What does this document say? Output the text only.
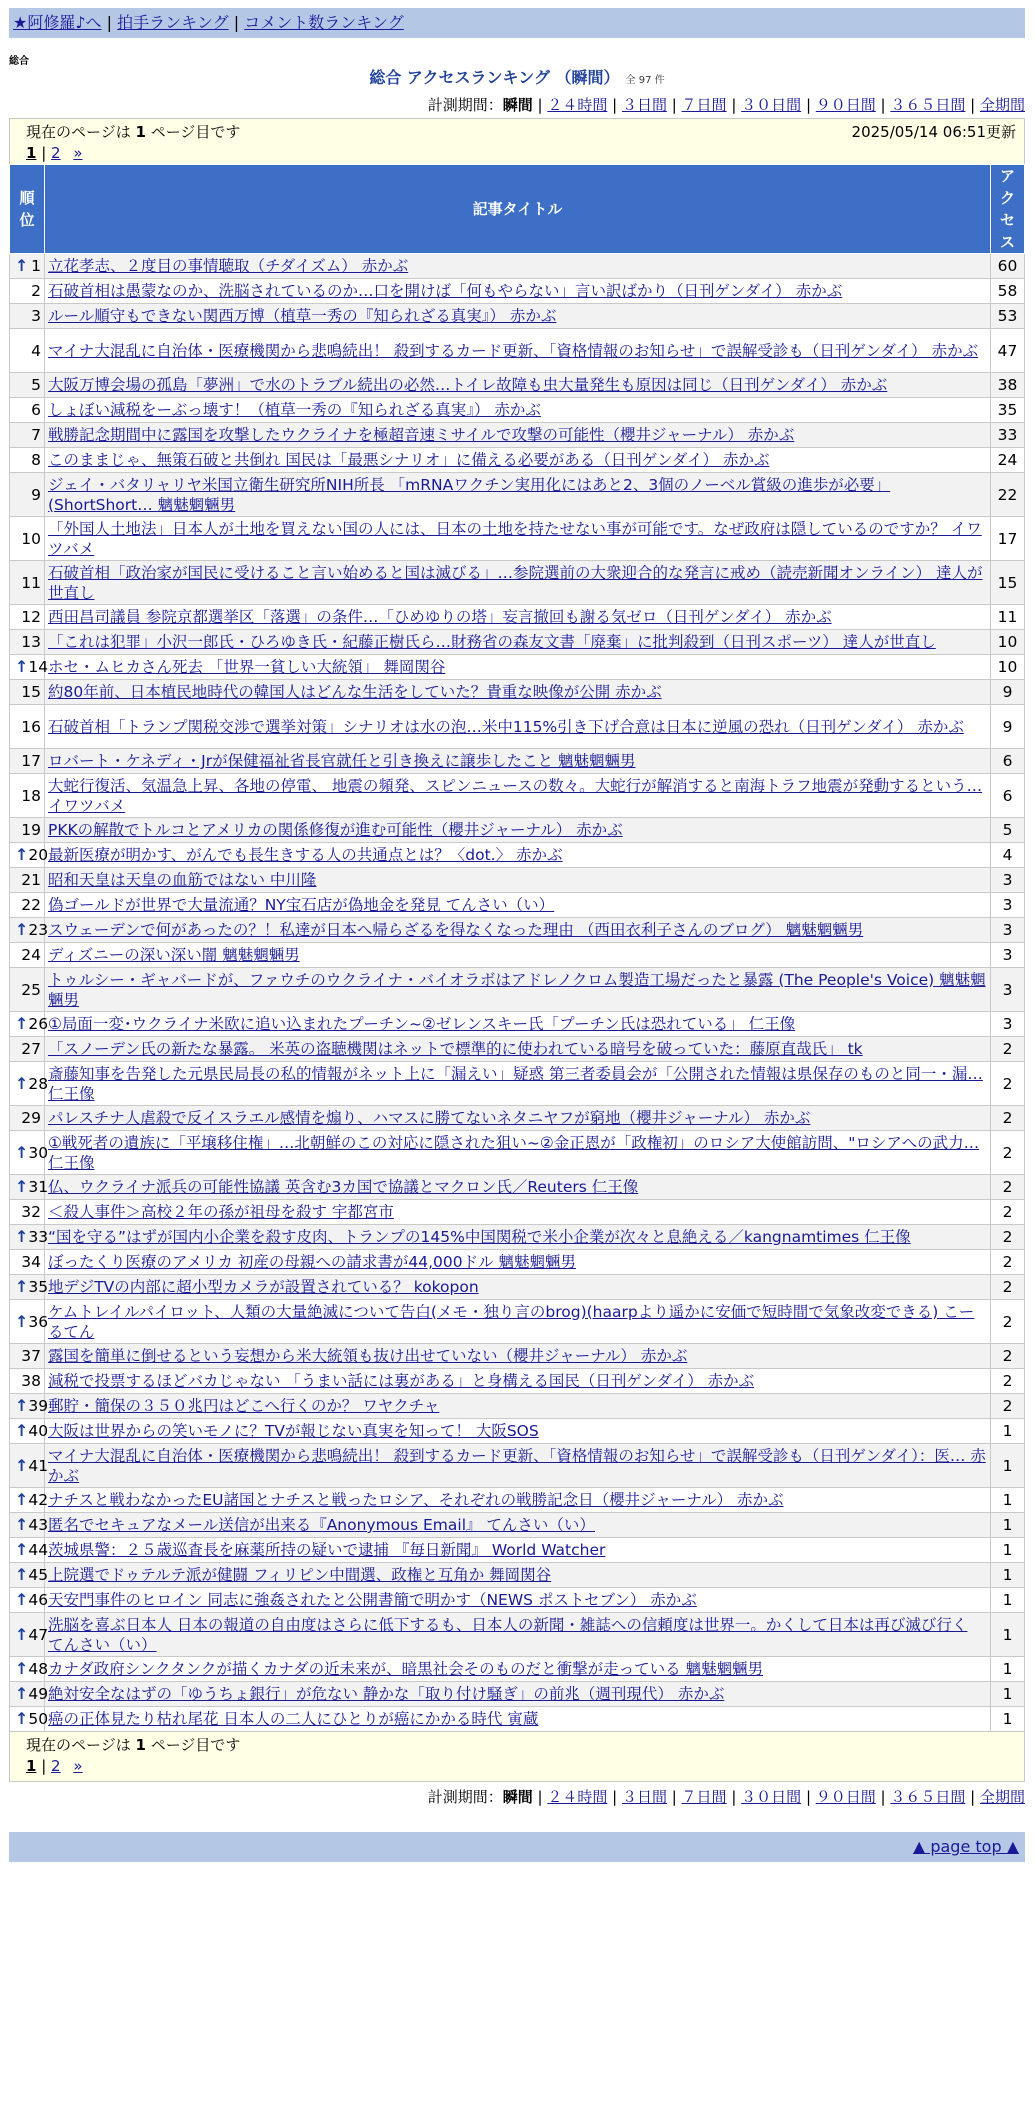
★阿修羅♪へ | 拍手ランキング | コメント数ランキング
総合
総合 アクセスランキング （瞬間） 全 97 件
計測期間：瞬間 | ２４時間 | ３日間 | ７日間 | ３０日間 | ９０日間 | ３６５日間 | 全期間
現在のページは 1 ページ目です	2025/05/14 06:51更新
1 | 2 »
順位	記事タイトル	アクセス

↑ 1	立花孝志、２度目の事情聴取（チダイズム） 赤かぶ	60
2	石破首相は愚蒙なのか、洗脳されているのか…口を開けば「何もやらない」言い訳ばかり（日刊ゲンダイ） 赤かぶ	58
3	ルール順守もできない関西万博（植草一秀の『知られざる真実』） 赤かぶ	53
4	マイナ大混乱に自治体・医療機関から悲鳴続出！ 殺到するカード更新、「資格情報のお知らせ」で誤解受診も（日刊ゲンダイ） 赤かぶ	47
5	大阪万博会場の孤島「夢洲」で水のトラブル続出の必然…トイレ故障も虫大量発生も原因は同じ（日刊ゲンダイ） 赤かぶ	38
6	しょぼい減税をーぶっ壊す！（植草一秀の『知られざる真実』） 赤かぶ	35
7	戦勝記念期間中に露国を攻撃したウクライナを極超音速ミサイルで攻撃の可能性（櫻井ジャーナル） 赤かぶ	33
8	このままじゃ、無策石破と共倒れ 国民は「最悪シナリオ」に備える必要がある（日刊ゲンダイ） 赤かぶ	24
9	ジェイ・バタリャリヤ米国立衛生研究所NIH所長 「mRNAワクチン実用化にはあと2、3個のノーベル賞級の進歩が必要」(ShortShort… 魑魅魍魎男	22
10	「外国人土地法」日本人が土地を買えない国の人には、日本の土地を持たせない事が可能です。なぜ政府は隠しているのですか？ イワツバメ	17
11	石破首相「政治家が国民に受けること言い始めると国は滅びる」…参院選前の大衆迎合的な発言に戒め（読売新聞オンライン） 達人が世直し	15
12	西田昌司議員 参院京都選挙区「落選」の条件…「ひめゆりの塔」妄言撤回も謝る気ゼロ（日刊ゲンダイ） 赤かぶ	11
13	「これは犯罪」小沢一郎氏・ひろゆき氏・紀藤正樹氏ら…財務省の森友文書「廃棄」に批判殺到（日刊スポーツ） 達人が世直し	10

↑ 14	ホセ・ムヒカさん死去 「世界一貧しい大統領」 舞岡関谷	10
15	約80年前、日本植民地時代の韓国人はどんな生活をしていた？貴重な映像が公開 赤かぶ	9
16	石破首相「トランプ関税交渉で選挙対策」シナリオは水の泡…米中115%引き下げ合意は日本に逆風の恐れ（日刊ゲンダイ） 赤かぶ	9
17	ロバート・ケネディ・Jrが保健福祉省長官就任と引き換えに譲歩したこと 魑魅魍魎男	6
18	大蛇行復活、気温急上昇、各地の停電、 地震の頻発、スピンニュースの数々。大蛇行が解消すると南海トラフ地震が発動するという… イワツバメ	6
19	PKKの解散でトルコとアメリカの関係修復が進む可能性（櫻井ジャーナル） 赤かぶ	5

↑ 20	最新医療が明かす、がんでも長生きする人の共通点とは？〈dot.〉 赤かぶ	4
21	昭和天皇は天皇の血筋ではない 中川隆	3
22	偽ゴールドが世界で大量流通？NY宝石店が偽地金を発見 てんさい（い）	3

↑ 23	スウェーデンで何があったの？！私達が日本へ帰らざるを得なくなった理由 （西田衣利子さんのブログ） 魑魅魍魎男	3
24	ディズニーの深い深い闇 魑魅魍魎男	3
25	トゥルシー・ギャバードが、ファウチのウクライナ・バイオラボはアドレノクロム製造工場だったと暴露 (The People's Voice) 魑魅魍魎男	3

↑ 26	①局面一変･ウクライナ米欧に追い込まれたプーチン~②ゼレンスキー氏「プーチン氏は恐れている」 仁王像	3
27	「スノーデン氏の新たな暴露。 米英の盗聴機関はネットで標準的に使われている暗号を破っていた：藤原直哉氏」 tk	2

↑ 28	斎藤知事を告発した元県民局長の私的情報がネット上に「漏えい」疑惑 第三者委員会が「公開された情報は県保存のものと同一・漏… 仁王像	2
29	パレスチナ人虐殺で反イスラエル感情を煽り、ハマスに勝てないネタニヤフが窮地（櫻井ジャーナル） 赤かぶ	2

↑ 30	①戦死者の遺族に「平壌移住権」…北朝鮮のこの対応に隠された狙い~②金正恩が「政権初」のロシア大使館訪問、"ロシアへの武力… 仁王像	2

↑ 31	仏、ウクライナ派兵の可能性協議 英含む3カ国で協議とマクロン氏／Reuters 仁王像	2
32	＜殺人事件＞高校２年の孫が祖母を殺す 宇都宮市	2

↑ 33	“国を守る”はずが国内小企業を殺す皮肉、トランプの145%中国関税で米小企業が次々と息絶える／kangnamtimes 仁王像	2
34	ぼったくり医療のアメリカ 初産の母親への請求書が44,000ドル 魑魅魍魎男	2

↑ 35	地デジTVの内部に超小型カメラが設置されている？ kokopon	2

↑ 36	ケムトレイルパイロット、人類の大量絶滅について告白(メモ・独り言のbrog)(haarpより遥かに安価で短時間で気象改変できる) こーるてん	2
37	露国を簡単に倒せるという妄想から米大統領も抜け出せていない（櫻井ジャーナル） 赤かぶ	2
38	減税で投票するほどバカじゃない 「うまい話には裏がある」と身構える国民（日刊ゲンダイ） 赤かぶ	2

↑ 39	郵貯・簡保の３５０兆円はどこへ行くのか？ ワヤクチャ	2

↑ 40	大阪は世界からの笑いモノに？TVが報じない真実を知って！ 大阪SOS	1

↑ 41	マイナ大混乱に自治体・医療機関から悲鳴続出！ 殺到するカード更新、「資格情報のお知らせ」で誤解受診も（日刊ゲンダイ）：医… 赤かぶ	1

↑ 42	ナチスと戦わなかったEU諸国とナチスと戦ったロシア、それぞれの戦勝記念日（櫻井ジャーナル） 赤かぶ	1

↑ 43	匿名でセキュアなメール送信が出来る『Anonymous Email』 てんさい（い）	1

↑ 44	茨城県警：２５歳巡査長を麻薬所持の疑いで逮捕 『毎日新聞』 World Watcher	1

↑ 45	上院選でドゥテルテ派が健闘 フィリピン中間選、政権と互角か 舞岡関谷	1

↑ 46	天安門事件のヒロイン 同志に強姦されたと公開書簡で明かす（NEWS ポストセブン） 赤かぶ	1

↑ 47	洗脳を喜ぶ日本人 日本の報道の自由度はさらに低下するも、日本人の新聞・雑誌への信頼度は世界一。かくして日本は再び滅び行く てんさい（い）	1

↑ 48	カナダ政府シンクタンクが描くカナダの近未来が、暗黒社会そのものだと衝撃が走っている 魑魅魍魎男	1

↑ 49	絶対安全なはずの「ゆうちょ銀行」が危ない 静かな「取り付け騒ぎ」の前兆（週刊現代） 赤かぶ	1

↑ 50	癌の正体見たり枯れ尾花 日本人の二人にひとりが癌にかかる時代 寅蔵	1
現在のページは 1 ページ目です
1 | 2 »
計測期間：瞬間 | ２４時間 | ３日間 | ７日間 | ３０日間 | ９０日間 | ３６５日間 | 全期間
▲ page top ▲
